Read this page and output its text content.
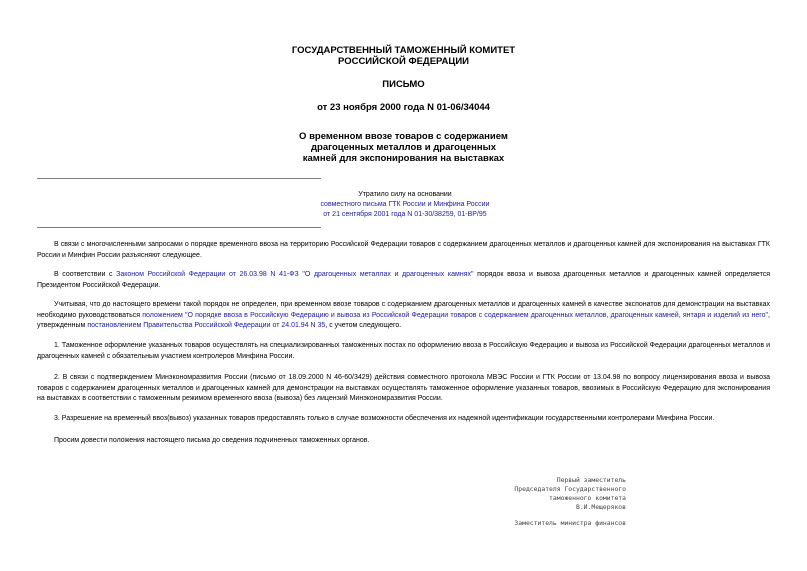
ГОСУДАРСТВЕННЫЙ ТАМОЖЕННЫЙ КОМИТЕТ
РОССИЙСКОЙ ФЕДЕРАЦИИ
ПИСЬМО
от 23 ноября 2000 года N 01-06/34044
О временном ввозе товаров с содержанием
драгоценных металлов и драгоценных
камней для экспонирования на выставках
Утратило силу на основании
совместного письма ГТК России и Минфина России
от 21 сентября 2001 года N 01-30/38259, 01-ВР/95
В связи с многочисленными запросами о порядке временного ввоза на территорию Российской Федерации товаров с содержанием драгоценных металлов и драгоценных камней для экспонирования на выставках ГТК России и Минфин России разъясняют следующее.
В соответствии с Законом Российской Федерации от 26.03.98 N 41-ФЗ "О драгоценных металлах и драгоценных камнях" порядок ввоза и вывоза драгоценных металлов и драгоценных камней определяется Президентом Российской Федерации.
Учитывая, что до настоящего времени такой порядок не определен, при временном ввозе товаров с содержанием драгоценных металлов и драгоценных камней в качестве экспонатов для демонстрации на выставках необходимо руководствоваться положением "О порядке ввоза в Российскую Федерацию и вывоза из Российской Федерации товаров с содержанием драгоценных металлов, драгоценных камней, янтаря и изделий из него", утвержденным постановлением Правительства Российской Федерации от 24.01.94 N 35, с учетом следующего.
1. Таможенное оформление указанных товаров осуществлять на специализированных таможенных постах по оформлению ввоза в Российскую Федерацию и вывоза из Российской Федерации драгоценных металлов и драгоценных камней с обязательным участием контролеров Минфина России.
2. В связи с подтверждением Минэкономразвития России (письмо от 18.09.2000 N 46-60/3429) действия совместного протокола МВЭС России и ГТК России от 13.04.98 по вопросу лицензирования ввоза и вывоза товаров с содержанием драгоценных металлов и драгоценных камней для демонстрации на выставках осуществлять таможенное оформление указанных товаров, ввозимых в Российскую Федерацию для экспонирования на выставках в соответствии с таможенным режимом временного ввоза (вывоза) без лицензий Минэкономразвития России.
3. Разрешение на временный ввоз(вывоз) указанных товаров предоставлять только в случае возможности обеспечения их надежной идентификации государственными контролерами Минфина России.
Просим довести положения настоящего письма до сведения подчиненных таможенных органов.
Первый заместитель
Председателя Государственного
таможенного комитета
В.И.Мещеряков
Заместитель министра финансов
